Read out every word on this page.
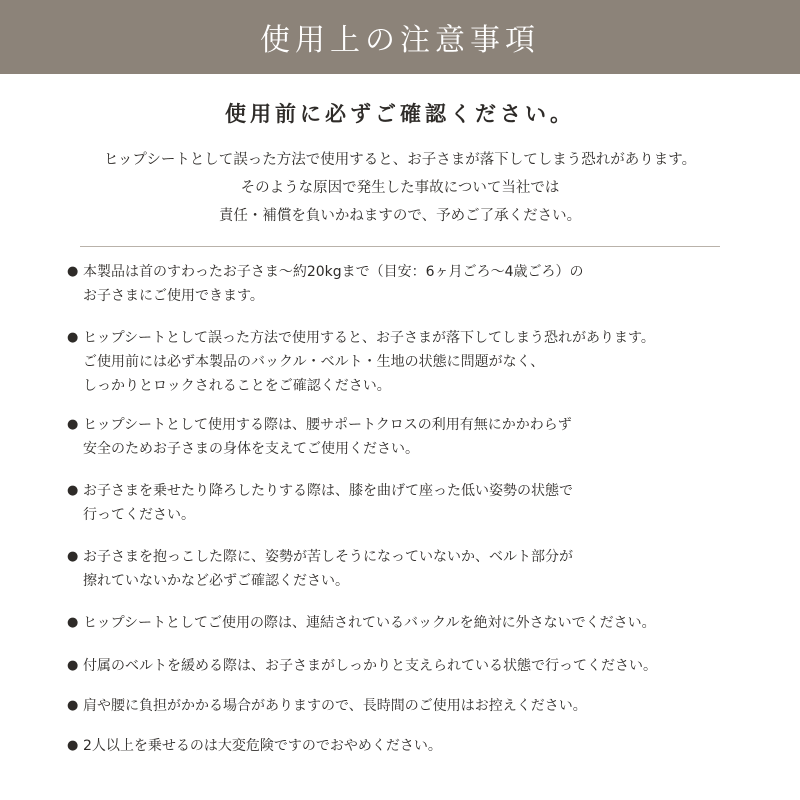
使用上の注意事項
使用前に必ずご確認ください。
ヒップシートとして誤った方法で使用すると、お子さまが落下してしまう恐れがあります。
そのような原因で発生した事故について当社では
責任・補償を負いかねますので、予めご了承ください。
● 本製品は首のすわったお子さま〜約20kgまで（目安：6ヶ月ごろ〜4歳ごろ）の
お子さまにご使用できます。
● ヒップシートとして誤った方法で使用すると、お子さまが落下してしまう恐れがあります。
ご使用前には必ず本製品のバックル・ベルト・生地の状態に問題がなく、
しっかりとロックされることをご確認ください。
● ヒップシートとして使用する際は、腰サポートクロスの利用有無にかかわらず
安全のためお子さまの身体を支えてご使用ください。
● お子さまを乗せたり降ろしたりする際は、膝を曲げて座った低い姿勢の状態で
行ってください。
● お子さまを抱っこした際に、姿勢が苦しそうになっていないか、ベルト部分が
擦れていないかなど必ずご確認ください。
● ヒップシートとしてご使用の際は、連結されているバックルを絶対に外さないでください。
● 付属のベルトを緩める際は、お子さまがしっかりと支えられている状態で行ってください。
● 肩や腰に負担がかかる場合がありますので、長時間のご使用はお控えください。
● 2人以上を乗せるのは大変危険ですのでおやめください。
